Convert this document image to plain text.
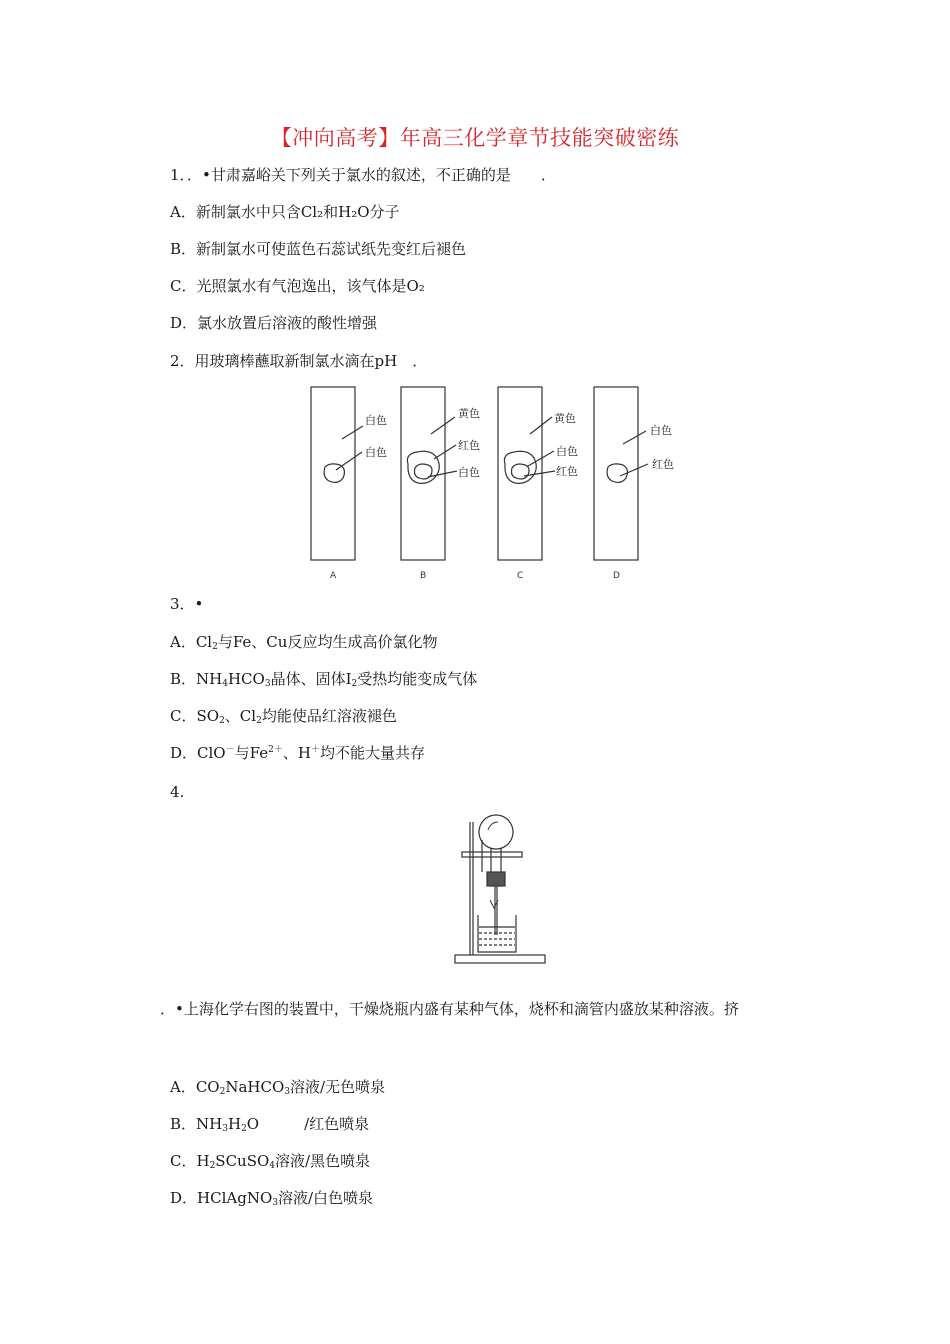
【冲向高考】年高三化学章节技能突破密练
1．．•甘肃嘉峪关下列关于氯水的叙述，不正确的是　　．
A．新制氯水中只含Cl₂和H₂O分子
B．新制氯水可使蓝色石蕊试纸先变红后褪色
C．光照氯水有气泡逸出，该气体是O₂
D．氯水放置后溶液的酸性增强
2．用玻璃棒蘸取新制氯水滴在pH　．
白色
白色
黄色
红色
白色
黄色
白色
红色
白色
红色
A	B	C	D
3．•
A．$Cl_2$与Fe、Cu反应均生成高价氯化物
B．$NH_4HCO_3$晶体、固体$I_2$受热均能变成气体
C．$SO_2$、$Cl_2$均能使品红溶液褪色
D．ClO－与$Fe^{2+}$、H＋均不能大量共存
4.
．•上海化学右图的装置中，干燥烧瓶内盛有某种气体，烧杯和滴管内盛放某种溶液。挤
A．$CO_2NaHCO_3$溶液/无色喷泉
B．$NH_3H_2O$　　　/红色喷泉
C．$H_2SCuSO_4$溶液/黑色喷泉
D．HClAgNO$_3$溶液/白色喷泉
